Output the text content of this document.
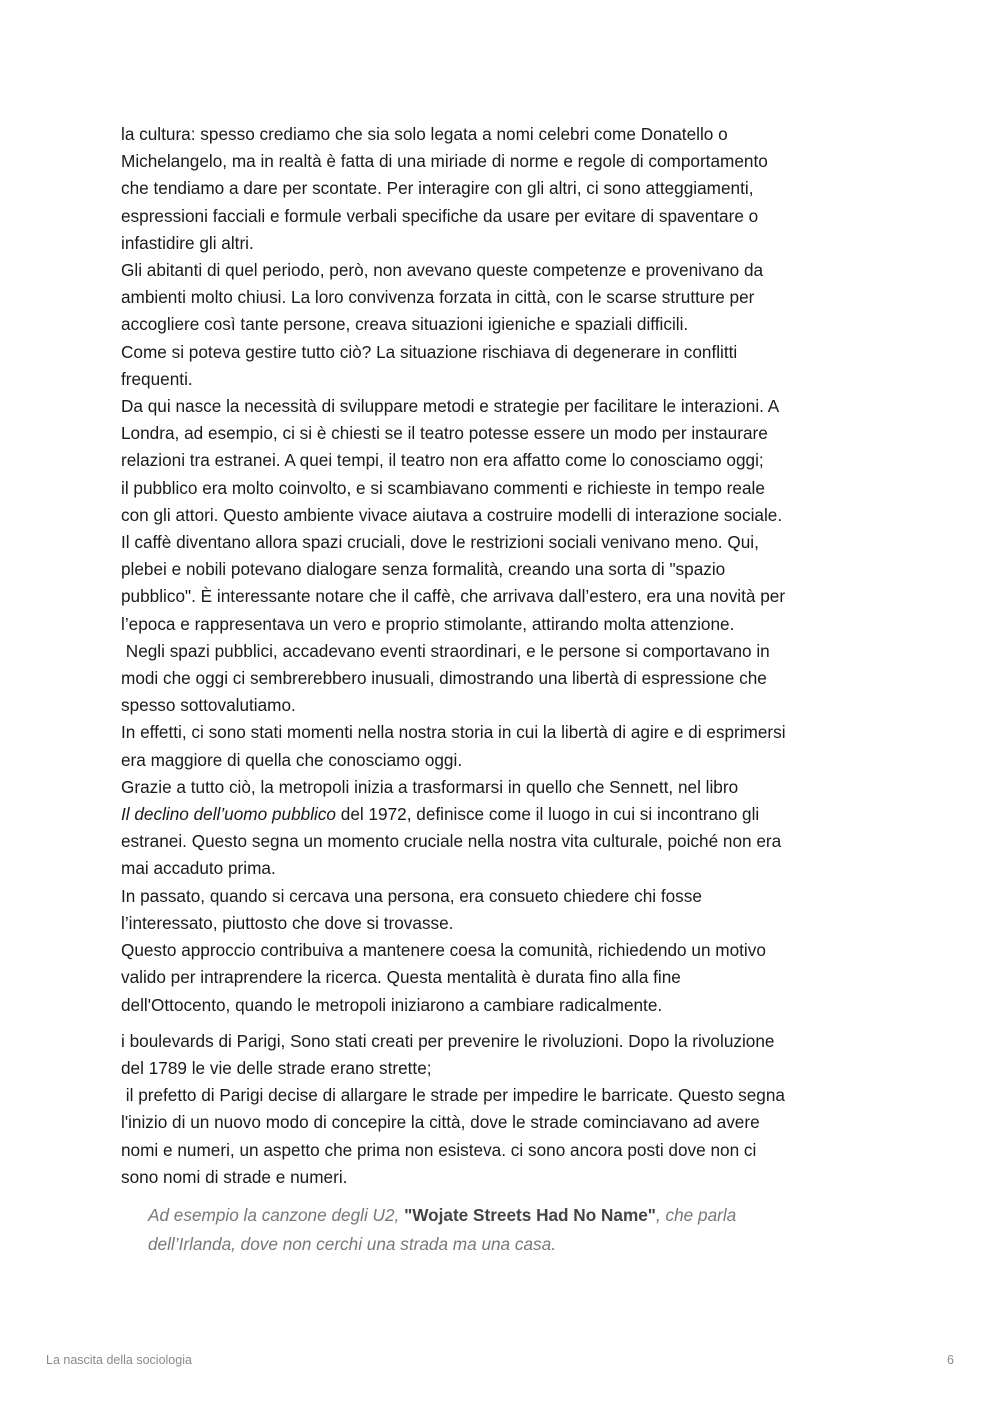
la cultura: spesso crediamo che sia solo legata a nomi celebri come Donatello o
Michelangelo, ma in realtà è fatta di una miriade di norme e regole di comportamento
che tendiamo a dare per scontate. Per interagire con gli altri, ci sono atteggiamenti,
espressioni facciali e formule verbali specifiche da usare per evitare di spaventare o
infastidire gli altri.
Gli abitanti di quel periodo, però, non avevano queste competenze e provenivano da
ambienti molto chiusi. La loro convivenza forzata in città, con le scarse strutture per
accogliere così tante persone, creava situazioni igieniche e spaziali difficili.
Come si poteva gestire tutto ciò? La situazione rischiava di degenerare in conflitti
frequenti.
Da qui nasce la necessità di sviluppare metodi e strategie per facilitare le interazioni. A
Londra, ad esempio, ci si è chiesti se il teatro potesse essere un modo per instaurare
relazioni tra estranei. A quei tempi, il teatro non era affatto come lo conosciamo oggi;
il pubblico era molto coinvolto, e si scambiavano commenti e richieste in tempo reale
con gli attori. Questo ambiente vivace aiutava a costruire modelli di interazione sociale.
Il caffè diventano allora spazi cruciali, dove le restrizioni sociali venivano meno. Qui,
plebei e nobili potevano dialogare senza formalità, creando una sorta di "spazio
pubblico". È interessante notare che il caffè, che arrivava dall’estero, era una novità per
l’epoca e rappresentava un vero e proprio stimolante, attirando molta attenzione.
Negli spazi pubblici, accadevano eventi straordinari, e le persone si comportavano in
modi che oggi ci sembrerebbero inusuali, dimostrando una libertà di espressione che
spesso sottovalutiamo.
In effetti, ci sono stati momenti nella nostra storia in cui la libertà di agire e di esprimersi
era maggiore di quella che conosciamo oggi.
Grazie a tutto ciò, la metropoli inizia a trasformarsi in quello che Sennett, nel libro
Il declino dell’uomo pubblico del 1972, definisce come il luogo in cui si incontrano gli
estranei. Questo segna un momento cruciale nella nostra vita culturale, poiché non era
mai accaduto prima.
In passato, quando si cercava una persona, era consueto chiedere chi fosse
l’interessato, piuttosto che dove si trovasse.
Questo approccio contribuiva a mantenere coesa la comunità, richiedendo un motivo
valido per intraprendere la ricerca. Questa mentalità è durata fino alla fine
dell'Ottocento, quando le metropoli iniziarono a cambiare radicalmente.
i boulevards di Parigi, Sono stati creati per prevenire le rivoluzioni. Dopo la rivoluzione
del 1789 le vie delle strade erano strette;
il prefetto di Parigi decise di allargare le strade per impedire le barricate. Questo segna
l'inizio di un nuovo modo di concepire la città, dove le strade cominciavano ad avere
nomi e numeri, un aspetto che prima non esisteva. ci sono ancora posti dove non ci
sono nomi di strade e numeri.
Ad esempio la canzone degli U2, "Wojate Streets Had No Name", che parla
dell’Irlanda, dove non cerchi una strada ma una casa.
La nascita della sociologia	6
